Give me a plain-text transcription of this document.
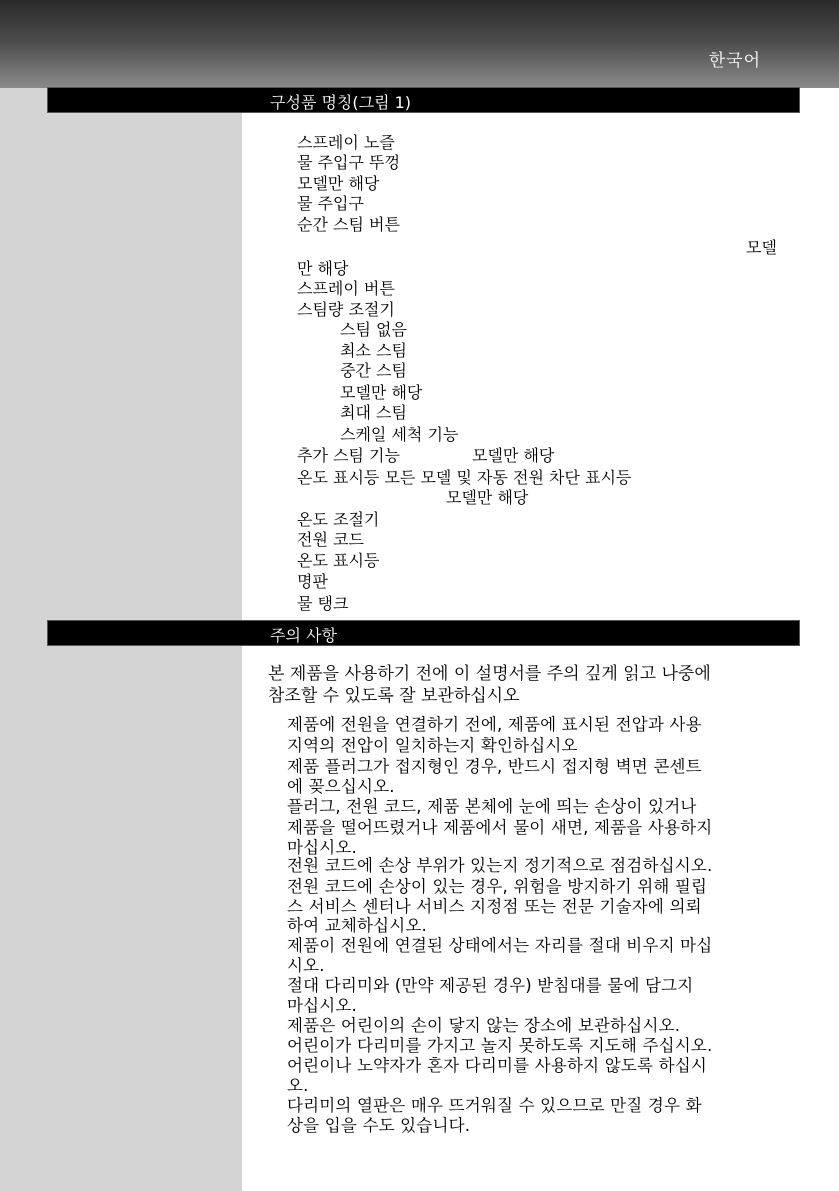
한국어
구성품 명칭(그림 1)
스프레이 노즐
물 주입구 뚜껑
모델만 해당
물 주입구
순간 스팀 버튼
모델
만 해당
스프레이 버튼
스팀량 조절기
스팀 없음
최소 스팀
중간 스팀
모델만 해당
최대 스팀
스케일 세척 기능
추가 스팀 기능	모델만 해당
온도 표시등 모든 모델 및 자동 전원 차단 표시등
모델만 해당
온도 조절기
전원 코드
온도 표시등
명판
물 탱크
주의 사항
본 제품을 사용하기 전에 이 설명서를 주의 깊게 읽고 나중에
참조할 수 있도록 잘 보관하십시오
제품에 전원을 연결하기 전에, 제품에 표시된 전압과 사용
지역의 전압이 일치하는지 확인하십시오
제품 플러그가 접지형인 경우, 반드시 접지형 벽면 콘센트
에 꽂으십시오.
플러그, 전원 코드, 제품 본체에 눈에 띄는 손상이 있거나
제품을 떨어뜨렸거나 제품에서 물이 새면, 제품을 사용하지
마십시오.
전원 코드에 손상 부위가 있는지 정기적으로 점검하십시오.
전원 코드에 손상이 있는 경우, 위험을 방지하기 위해 필립
스 서비스 센터나 서비스 지정점 또는 전문 기술자에 의뢰
하여 교체하십시오.
제품이 전원에 연결된 상태에서는 자리를 절대 비우지 마십
시오.
절대 다리미와 (만약 제공된 경우) 받침대를 물에 담그지
마십시오.
제품은 어린이의 손이 닿지 않는 장소에 보관하십시오.
어린이가 다리미를 가지고 놀지 못하도록 지도해 주십시오.
어린이나 노약자가 혼자 다리미를 사용하지 않도록 하십시
오.
다리미의 열판은 매우 뜨거워질 수 있으므로 만질 경우 화
상을 입을 수도 있습니다.
